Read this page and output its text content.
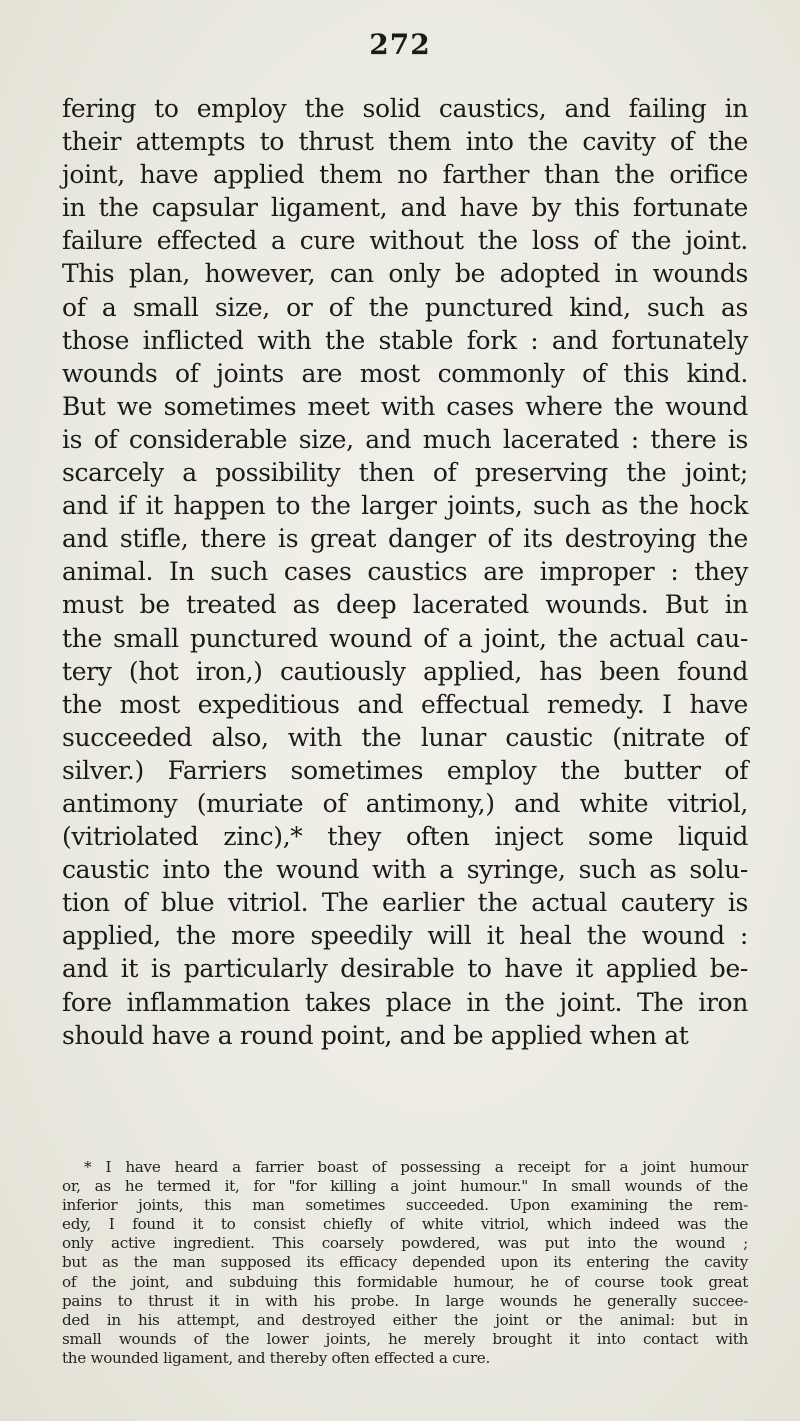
272
fering to employ the solid caustics, and failing in
their attempts to thrust them into the cavity of the
joint, have applied them no farther than the orifice
in the capsular ligament, and have by this fortunate
failure effected a cure without the loss of the joint.
This plan, however, can only be adopted in wounds
of a small size, or of the punctured kind, such as
those inflicted with the stable fork : and fortunately
wounds of joints are most commonly of this kind.
But we sometimes meet with cases where the wound
is of considerable size, and much lacerated : there is
scarcely a possibility then of preserving the joint;
and if it happen to the larger joints, such as the hock
and stifle, there is great danger of its destroying the
animal. In such cases caustics are improper : they
must be treated as deep lacerated wounds. But in
the small punctured wound of a joint, the actual cau-
tery (hot iron,) cautiously applied, has been found
the most expeditious and effectual remedy. I have
succeeded also, with the lunar caustic (nitrate of
silver.) Farriers sometimes employ the butter of
antimony (muriate of antimony,) and white vitriol,
(vitriolated zinc),* they often inject some liquid
caustic into the wound with a syringe, such as solu-
tion of blue vitriol. The earlier the actual cautery is
applied, the more speedily will it heal the wound :
and it is particularly desirable to have it applied be-
fore inflammation takes place in the joint. The iron
should have a round point, and be applied when at
* I have heard a farrier boast of possessing a receipt for a joint humour
or, as he termed it, for "for killing a joint humour." In small wounds of the
inferior joints, this man sometimes succeeded. Upon examining the rem-
edy, I found it to consist chiefly of white vitriol, which indeed was the
only active ingredient. This coarsely powdered, was put into the wound ;
but as the man supposed its efficacy depended upon its entering the cavity
of the joint, and subduing this formidable humour, he of course took great
pains to thrust it in with his probe. In large wounds he generally succee-
ded in his attempt, and destroyed either the joint or the animal: but in
small wounds of the lower joints, he merely brought it into contact with
the wounded ligament, and thereby often effected a cure.
